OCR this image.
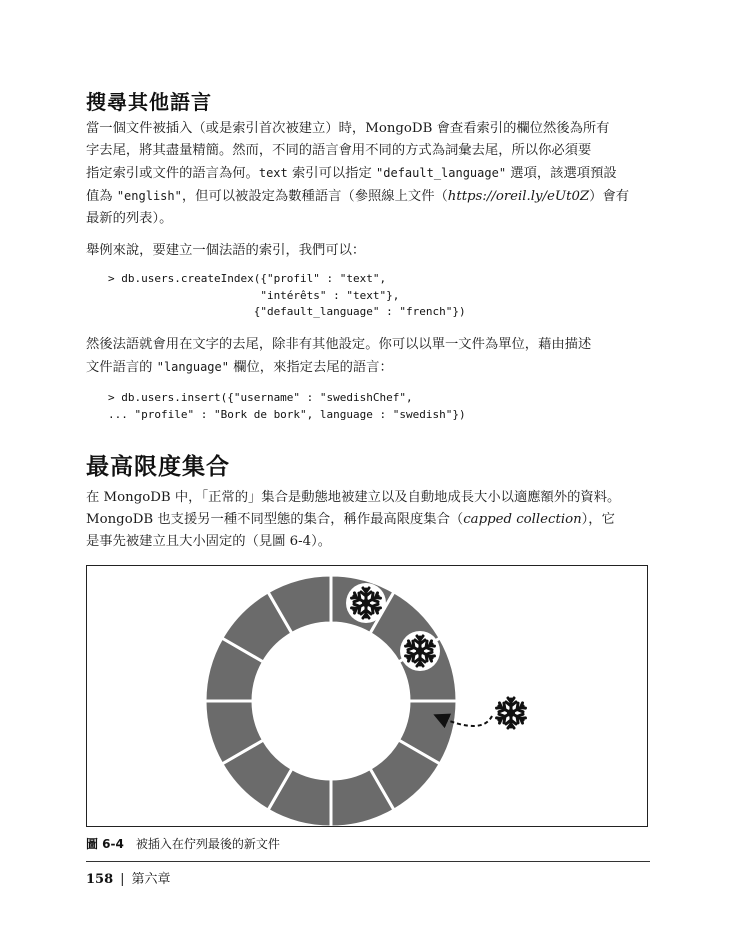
搜尋其他語言

當一個文件被插入（或是索引首次被建立）時，MongoDB 會查看索引的欄位然後為所有
字去尾，將其盡量精簡。然而，不同的語言會用不同的方式為詞彙去尾，所以你必須要
指定索引或文件的語言為何。text 索引可以指定 "default_language" 選項，該選項預設
值為 "english"，但可以被設定為數種語言（參照線上文件（https://oreil.ly/eUt0Z）會有
最新的列表）。

舉例來說，要建立一個法語的索引，我們可以：

> db.users.createIndex({"profil" : "text",
"intérêts" : "text"},
{"default_language" : "french"})

然後法語就會用在文字的去尾，除非有其他設定。你可以以單一文件為單位，藉由描述
文件語言的 "language" 欄位，來指定去尾的語言：

> db.users.insert({"username" : "swedishChef",
... "profile" : "Bork de bork", language : "swedish"})
最高限度集合

在 MongoDB 中，「正常的」集合是動態地被建立以及自動地成長大小以適應額外的資料。
MongoDB 也支援另一種不同型態的集合，稱作最高限度集合（capped collection），它
是事先被建立且大小固定的（見圖 6-4）。

圖 6-4 被插入在佇列最後的新文件
158 | 第六章
